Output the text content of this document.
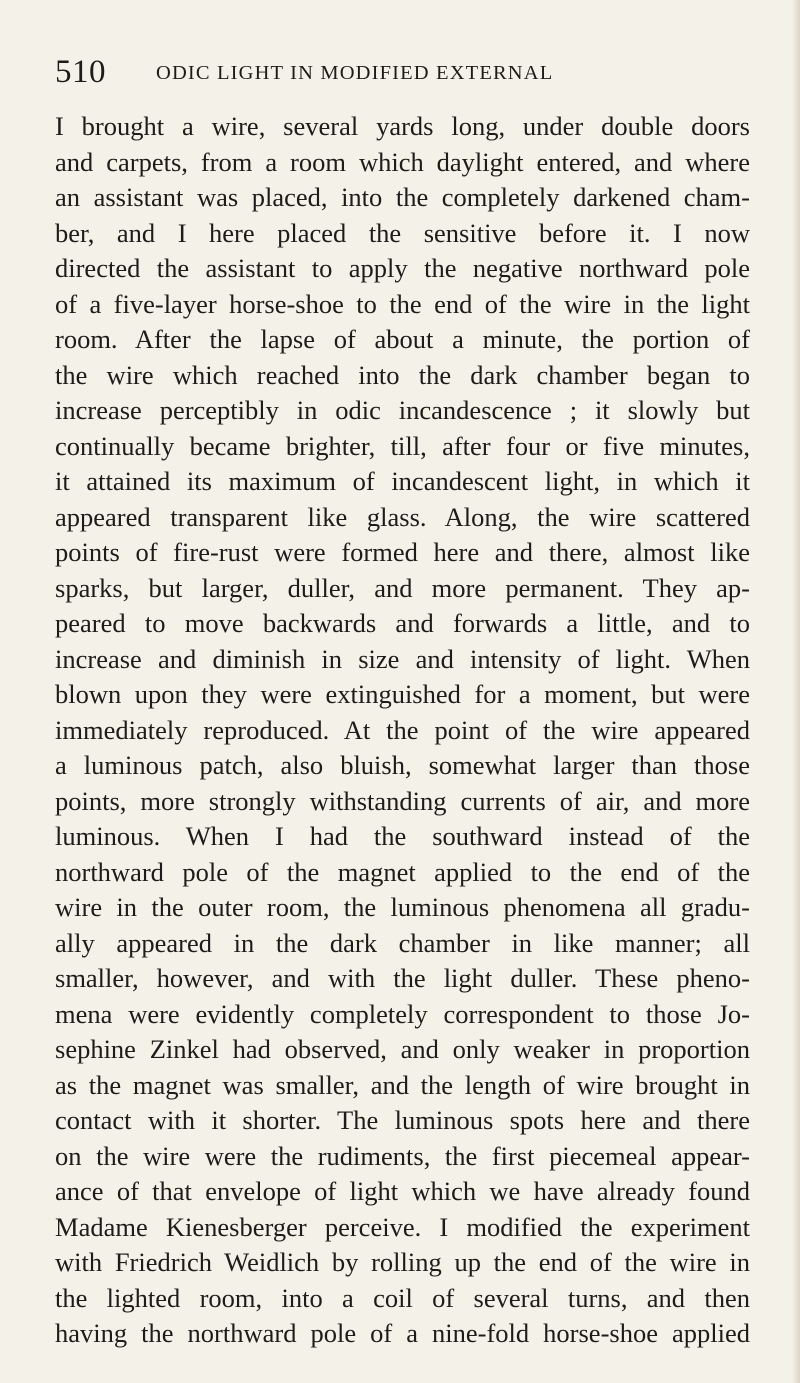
510 ODIC LIGHT IN MODIFIED EXTERNAL
I brought a wire, several yards long, under double doors
and carpets, from a room which daylight entered, and where
an assistant was placed, into the completely darkened cham-
ber, and I here placed the sensitive before it. I now
directed the assistant to apply the negative northward pole
of a five-layer horse-shoe to the end of the wire in the light
room. After the lapse of about a minute, the portion of
the wire which reached into the dark chamber began to
increase perceptibly in odic incandescence ; it slowly but
continually became brighter, till, after four or five minutes,
it attained its maximum of incandescent light, in which it
appeared transparent like glass. Along, the wire scattered
points of fire-rust were formed here and there, almost like
sparks, but larger, duller, and more permanent. They ap-
peared to move backwards and forwards a little, and to
increase and diminish in size and intensity of light. When
blown upon they were extinguished for a moment, but were
immediately reproduced. At the point of the wire appeared
a luminous patch, also bluish, somewhat larger than those
points, more strongly withstanding currents of air, and more
luminous. When I had the southward instead of the
northward pole of the magnet applied to the end of the
wire in the outer room, the luminous phenomena all gradu-
ally appeared in the dark chamber in like manner; all
smaller, however, and with the light duller. These pheno-
mena were evidently completely correspondent to those Jo-
sephine Zinkel had observed, and only weaker in proportion
as the magnet was smaller, and the length of wire brought in
contact with it shorter. The luminous spots here and there
on the wire were the rudiments, the first piecemeal appear-
ance of that envelope of light which we have already found
Madame Kienesberger perceive. I modified the experiment
with Friedrich Weidlich by rolling up the end of the wire in
the lighted room, into a coil of several turns, and then
having the northward pole of a nine-fold horse-shoe applied
